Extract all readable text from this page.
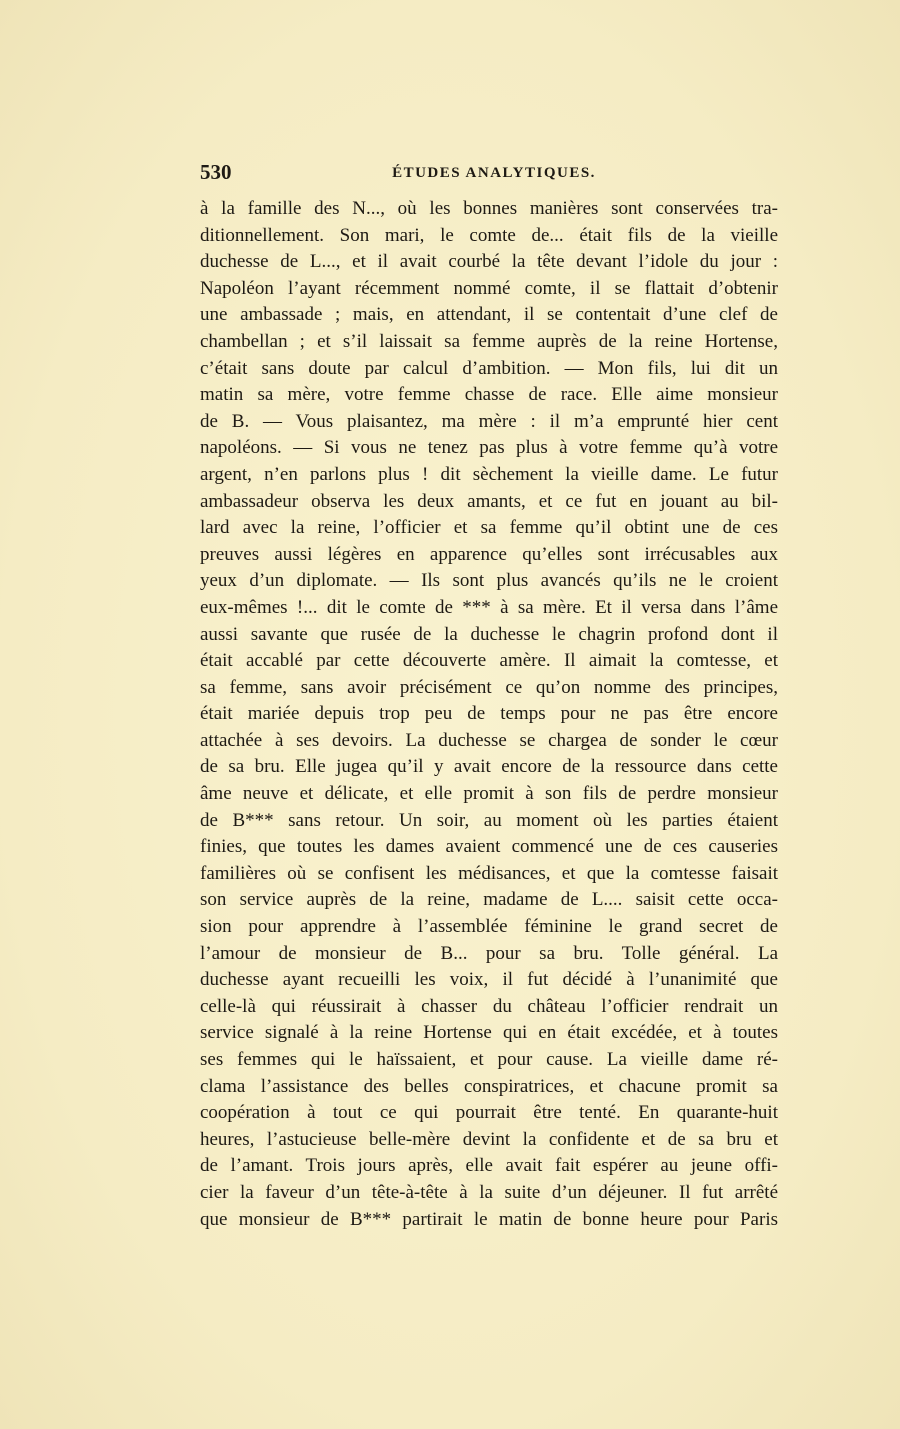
530	ÉTUDES ANALYTIQUES.
à la famille des N..., où les bonnes manières sont conservées tra-
ditionnellement. Son mari, le comte de... était fils de la vieille
duchesse de L..., et il avait courbé la tête devant l’idole du jour :
Napoléon l’ayant récemment nommé comte, il se flattait d’obtenir
une ambassade ; mais, en attendant, il se contentait d’une clef de
chambellan ; et s’il laissait sa femme auprès de la reine Hortense,
c’était sans doute par calcul d’ambition. — Mon fils, lui dit un
matin sa mère, votre femme chasse de race. Elle aime monsieur
de B. — Vous plaisantez, ma mère : il m’a emprunté hier cent
napoléons. — Si vous ne tenez pas plus à votre femme qu’à votre
argent, n’en parlons plus ! dit sèchement la vieille dame. Le futur
ambassadeur observa les deux amants, et ce fut en jouant au bil-
lard avec la reine, l’officier et sa femme qu’il obtint une de ces
preuves aussi légères en apparence qu’elles sont irrécusables aux
yeux d’un diplomate. — Ils sont plus avancés qu’ils ne le croient
eux-mêmes !... dit le comte de *** à sa mère. Et il versa dans l’âme
aussi savante que rusée de la duchesse le chagrin profond dont il
était accablé par cette découverte amère. Il aimait la comtesse, et
sa femme, sans avoir précisément ce qu’on nomme des principes,
était mariée depuis trop peu de temps pour ne pas être encore
attachée à ses devoirs. La duchesse se chargea de sonder le cœur
de sa bru. Elle jugea qu’il y avait encore de la ressource dans cette
âme neuve et délicate, et elle promit à son fils de perdre monsieur
de B*** sans retour. Un soir, au moment où les parties étaient
finies, que toutes les dames avaient commencé une de ces causeries
familières où se confisent les médisances, et que la comtesse faisait
son service auprès de la reine, madame de L.... saisit cette occa-
sion pour apprendre à l’assemblée féminine le grand secret de
l’amour de monsieur de B... pour sa bru. Tolle général. La
duchesse ayant recueilli les voix, il fut décidé à l’unanimité que
celle-là qui réussirait à chasser du château l’officier rendrait un
service signalé à la reine Hortense qui en était excédée, et à toutes
ses femmes qui le haïssaient, et pour cause. La vieille dame ré-
clama l’assistance des belles conspiratrices, et chacune promit sa
coopération à tout ce qui pourrait être tenté. En quarante-huit
heures, l’astucieuse belle-mère devint la confidente et de sa bru et
de l’amant. Trois jours après, elle avait fait espérer au jeune offi-
cier la faveur d’un tête-à-tête à la suite d’un déjeuner. Il fut arrêté
que monsieur de B*** partirait le matin de bonne heure pour Paris
